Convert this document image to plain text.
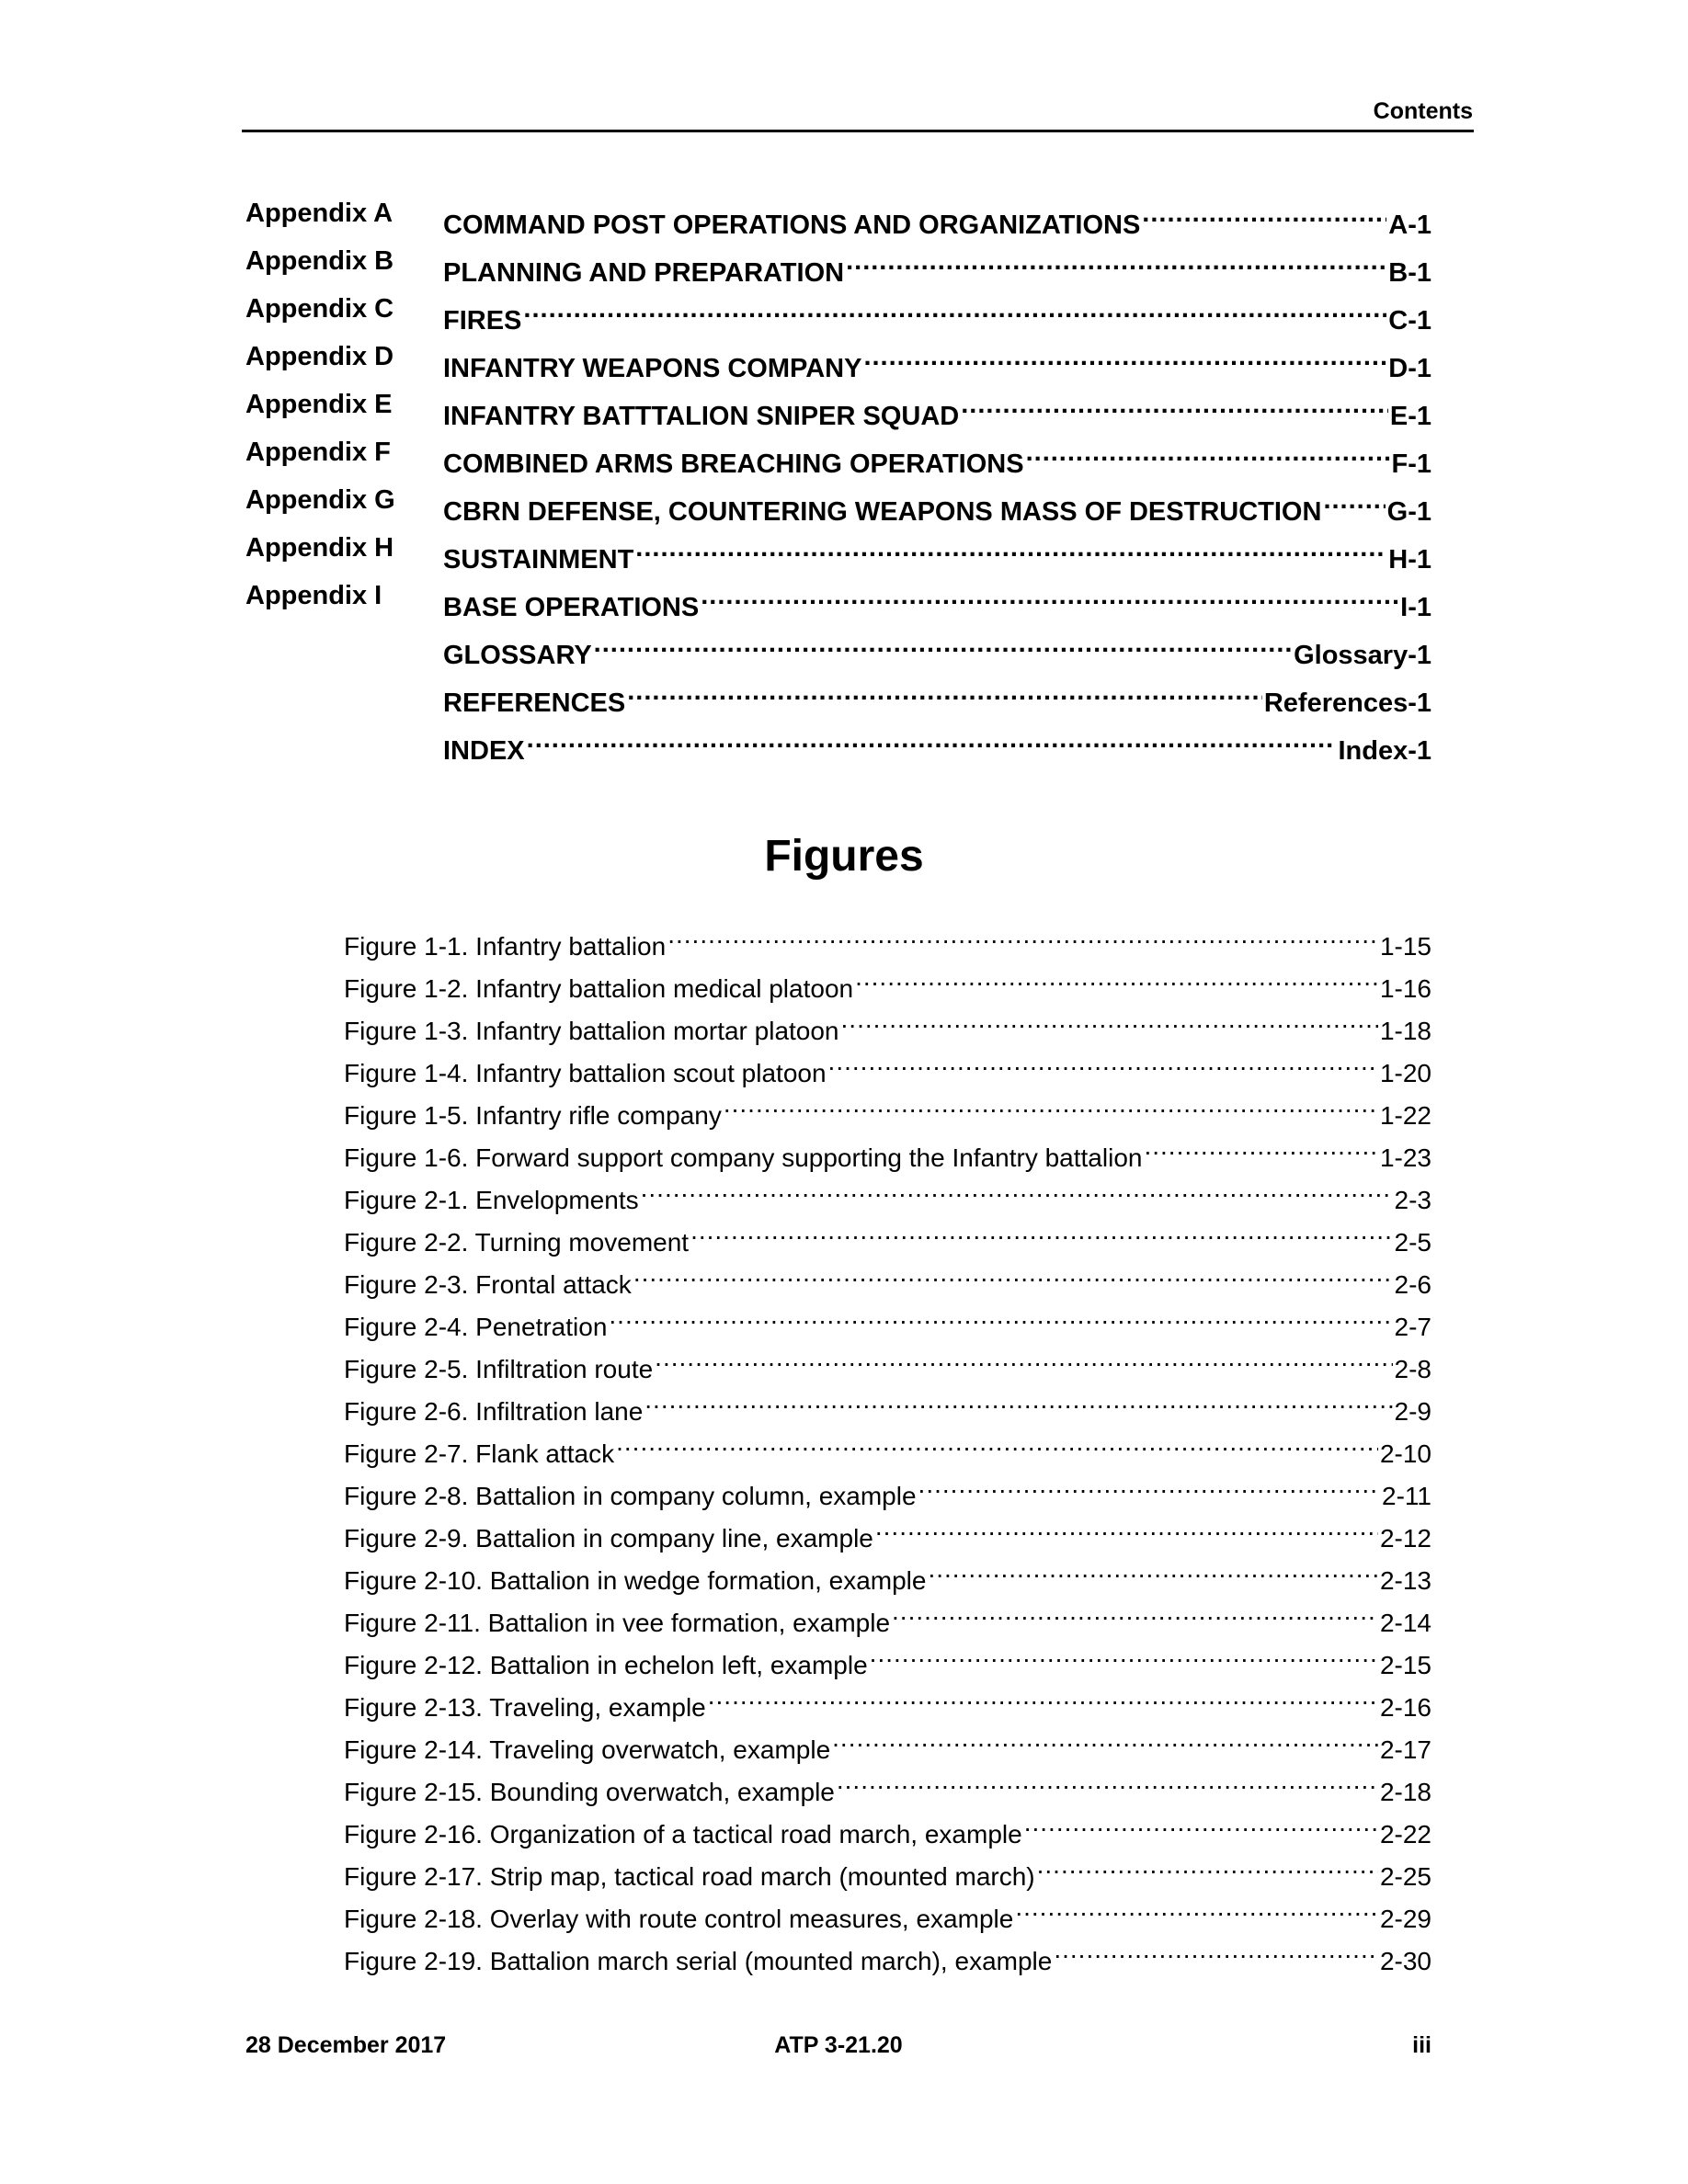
Contents
Appendix A COMMAND POST OPERATIONS AND ORGANIZATIONS .....	A-1
Appendix B PLANNING AND PREPARATION .....	B-1
Appendix C FIRES .....	C-1
Appendix D INFANTRY WEAPONS COMPANY .....	D-1
Appendix E INFANTRY BATTTALION SNIPER SQUAD .....	E-1
Appendix F COMBINED ARMS BREACHING OPERATIONS .....	F-1
Appendix G CBRN DEFENSE, COUNTERING WEAPONS MASS OF DESTRUCTION ..... G-1
Appendix H SUSTAINMENT .....	H-1
Appendix I BASE OPERATIONS .....	I-1
GLOSSARY .....	Glossary-1
REFERENCES .....	References-1
INDEX .....	Index-1
Figures
Figure 1-1. Infantry battalion .....	1-15
Figure 1-2. Infantry battalion medical platoon .....	1-16
Figure 1-3. Infantry battalion mortar platoon .....	1-18
Figure 1-4. Infantry battalion scout platoon .....	1-20
Figure 1-5. Infantry rifle company .....	1-22
Figure 1-6. Forward support company supporting the Infantry battalion .....	1-23
Figure 2-1. Envelopments .....	2-3
Figure 2-2. Turning movement .....	2-5
Figure 2-3. Frontal attack .....	2-6
Figure 2-4. Penetration .....	2-7
Figure 2-5. Infiltration route .....	2-8
Figure 2-6. Infiltration lane .....	2-9
Figure 2-7. Flank attack .....	2-10
Figure 2-8. Battalion in company column, example .....	2-11
Figure 2-9. Battalion in company line, example .....	2-12
Figure 2-10. Battalion in wedge formation, example .....	2-13
Figure 2-11. Battalion in vee formation, example .....	2-14
Figure 2-12. Battalion in echelon left, example .....	2-15
Figure 2-13. Traveling, example .....	2-16
Figure 2-14. Traveling overwatch, example .....	2-17
Figure 2-15. Bounding overwatch, example .....	2-18
Figure 2-16. Organization of a tactical road march, example .....	2-22
Figure 2-17. Strip map, tactical road march (mounted march) .....	2-25
Figure 2-18. Overlay with route control measures, example .....	2-29
Figure 2-19. Battalion march serial (mounted march), example .....	2-30
28 December 2017	ATP 3-21.20	iii
